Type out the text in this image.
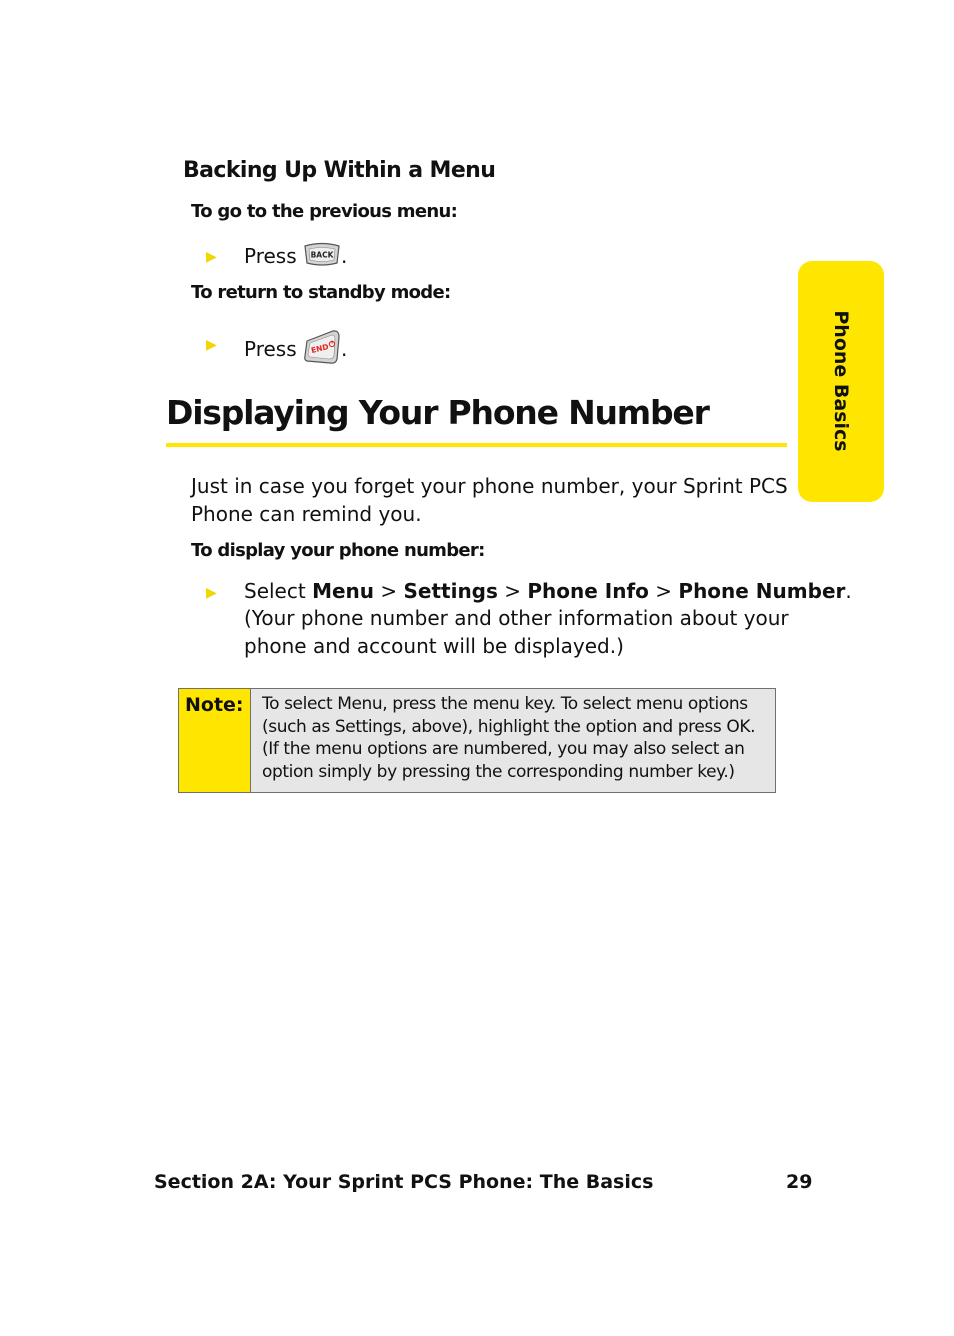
Phone Basics
Backing Up Within a Menu
To go to the previous menu:
▶ Press BACK .
To return to standby mode:
▶ Press END .
Displaying Your Phone Number
Just in case you forget your phone number, your Sprint PCS
Phone can remind you.
To display your phone number:
▶ Select Menu > Settings > Phone Info > Phone Number.
(Your phone number and other information about your
phone and account will be displayed.)
Note: To select Menu, press the menu key. To select menu options
(such as Settings, above), highlight the option and press OK.
(If the menu options are numbered, you may also select an
option simply by pressing the corresponding number key.)
Section 2A: Your Sprint PCS Phone: The Basics	29
